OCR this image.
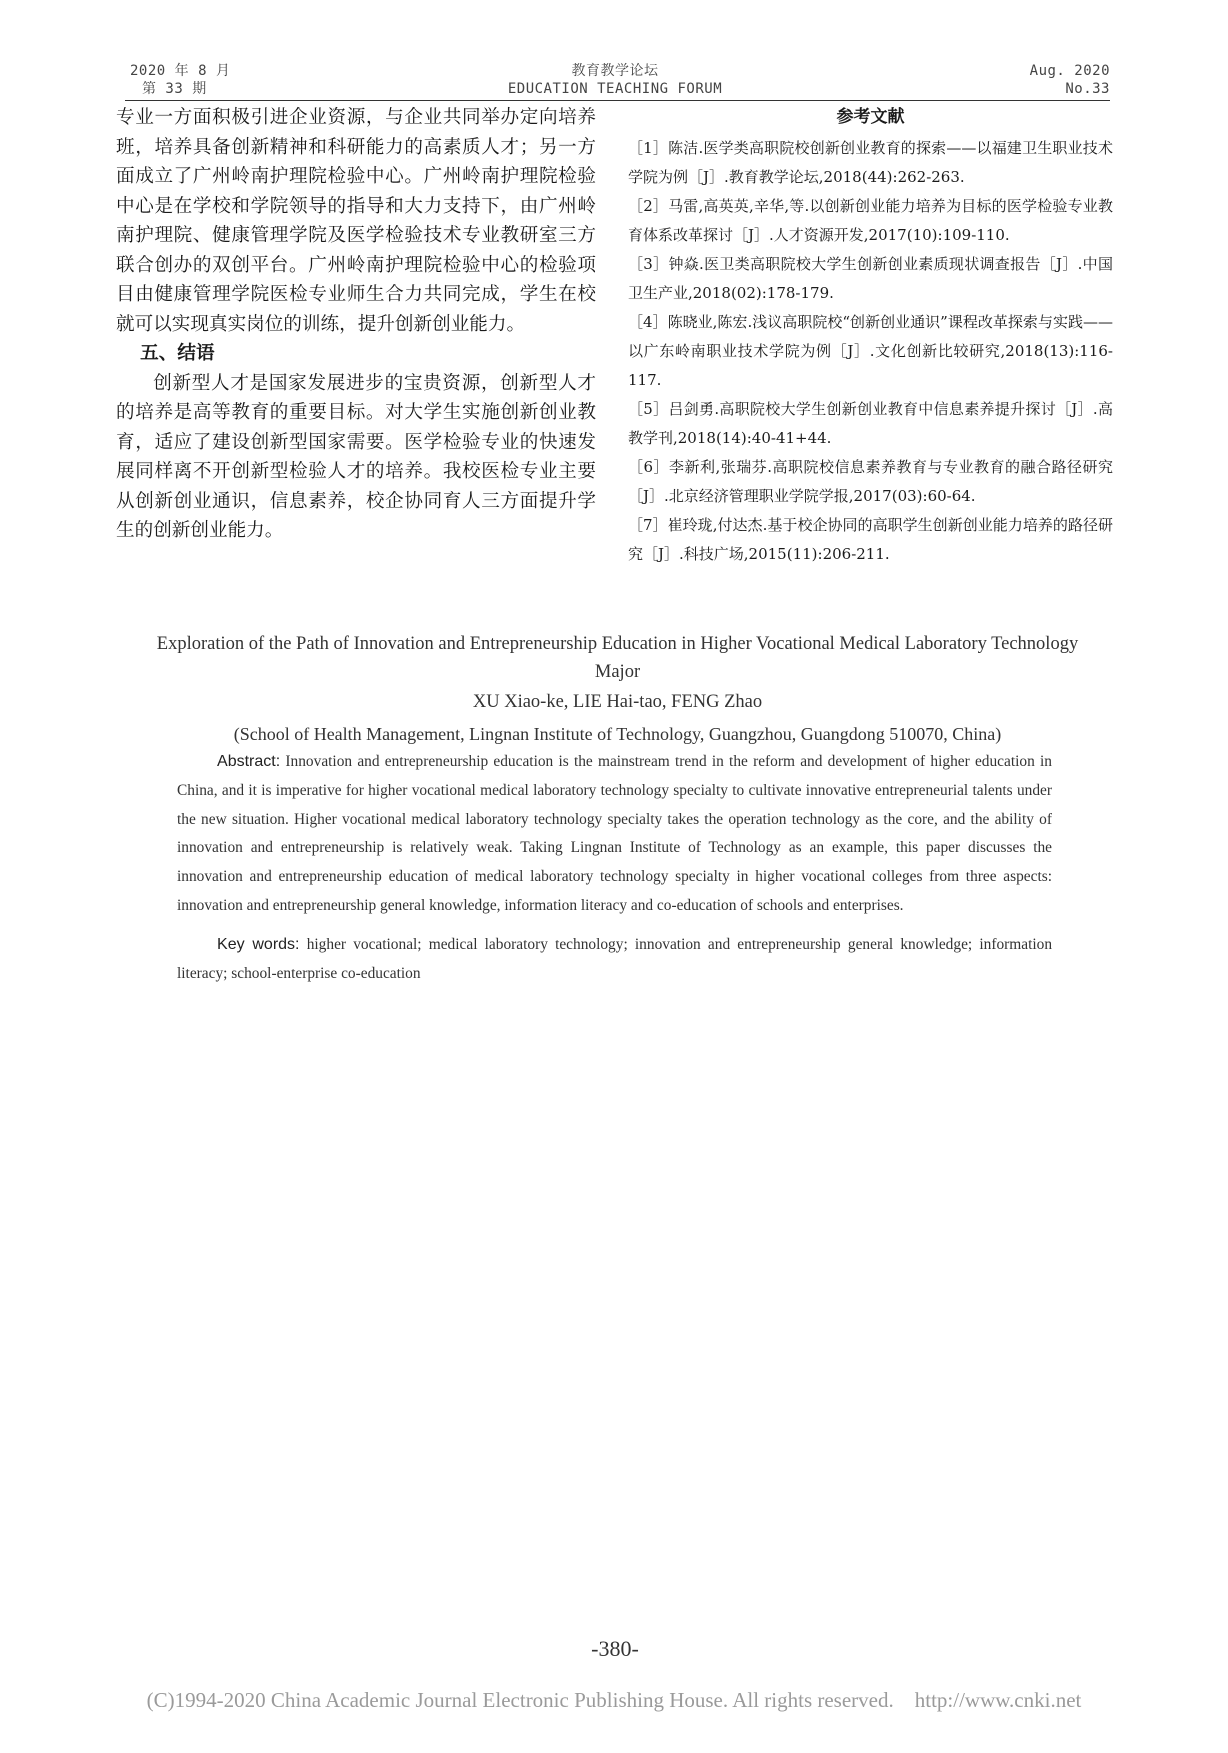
2020 年 8 月
第 33 期
教育教学论坛
EDUCATION TEACHING FORUM
Aug. 2020
No.33

专业一方面积极引进企业资源，与企业共同举办定向培养班，培养具备创新精神和科研能力的高素质人才；另一方面成立了广州岭南护理院检验中心。广州岭南护理院检验中心是在学校和学院领导的指导和大力支持下，由广州岭南护理院、健康管理学院及医学检验技术专业教研室三方联合创办的双创平台。广州岭南护理院检验中心的检验项目由健康管理学院医检专业师生合力共同完成，学生在校就可以实现真实岗位的训练，提升创新创业能力。

五、结语

创新型人才是国家发展进步的宝贵资源，创新型人才的培养是高等教育的重要目标。对大学生实施创新创业教育，适应了建设创新型国家需要。医学检验专业的快速发展同样离不开创新型检验人才的培养。我校医检专业主要从创新创业通识，信息素养，校企协同育人三方面提升学生的创新创业能力。

参考文献

［1］陈洁.医学类高职院校创新创业教育的探索——以福建卫生职业技术学院为例［J］.教育教学论坛,2018(44):262-263.

［2］马雷,高英英,辛华,等.以创新创业能力培养为目标的医学检验专业教育体系改革探讨［J］.人才资源开发,2017(10):109-110.

［3］钟焱.医卫类高职院校大学生创新创业素质现状调查报告［J］.中国卫生产业,2018(02):178-179.

［4］陈晓业,陈宏.浅议高职院校“创新创业通识”课程改革探索与实践——以广东岭南职业技术学院为例［J］.文化创新比较研究,2018(13):116-117.

［5］吕剑勇.高职院校大学生创新创业教育中信息素养提升探讨［J］.高教学刊,2018(14):40-41+44.

［6］李新利,张瑞芬.高职院校信息素养教育与专业教育的融合路径研究［J］.北京经济管理职业学院学报,2017(03):60-64.

［7］崔玲珑,付达杰.基于校企协同的高职学生创新创业能力培养的路径研究［J］.科技广场,2015(11):206-211.

Exploration of the Path of Innovation and Entrepreneurship Education in Higher Vocational Medical Laboratory Technology Major

XU Xiao-ke, LIE Hai-tao, FENG Zhao

(School of Health Management, Lingnan Institute of Technology, Guangzhou, Guangdong 510070, China)

Abstract: Innovation and entrepreneurship education is the mainstream trend in the reform and development of higher education in China, and it is imperative for higher vocational medical laboratory technology specialty to cultivate innovative entrepreneurial talents under the new situation. Higher vocational medical laboratory technology specialty takes the operation technology as the core, and the ability of innovation and entrepreneurship is relatively weak. Taking Lingnan Institute of Technology as an example, this paper discusses the innovation and entrepreneurship education of medical laboratory technology specialty in higher vocational colleges from three aspects: innovation and entrepreneurship general knowledge, information literacy and co-education of schools and enterprises.

Key words: higher vocational; medical laboratory technology; innovation and entrepreneurship general knowledge; information literacy; school-enterprise co-education

-380-
(C)1994-2020 China Academic Journal Electronic Publishing House. All rights reserved.    http://www.cnki.net
